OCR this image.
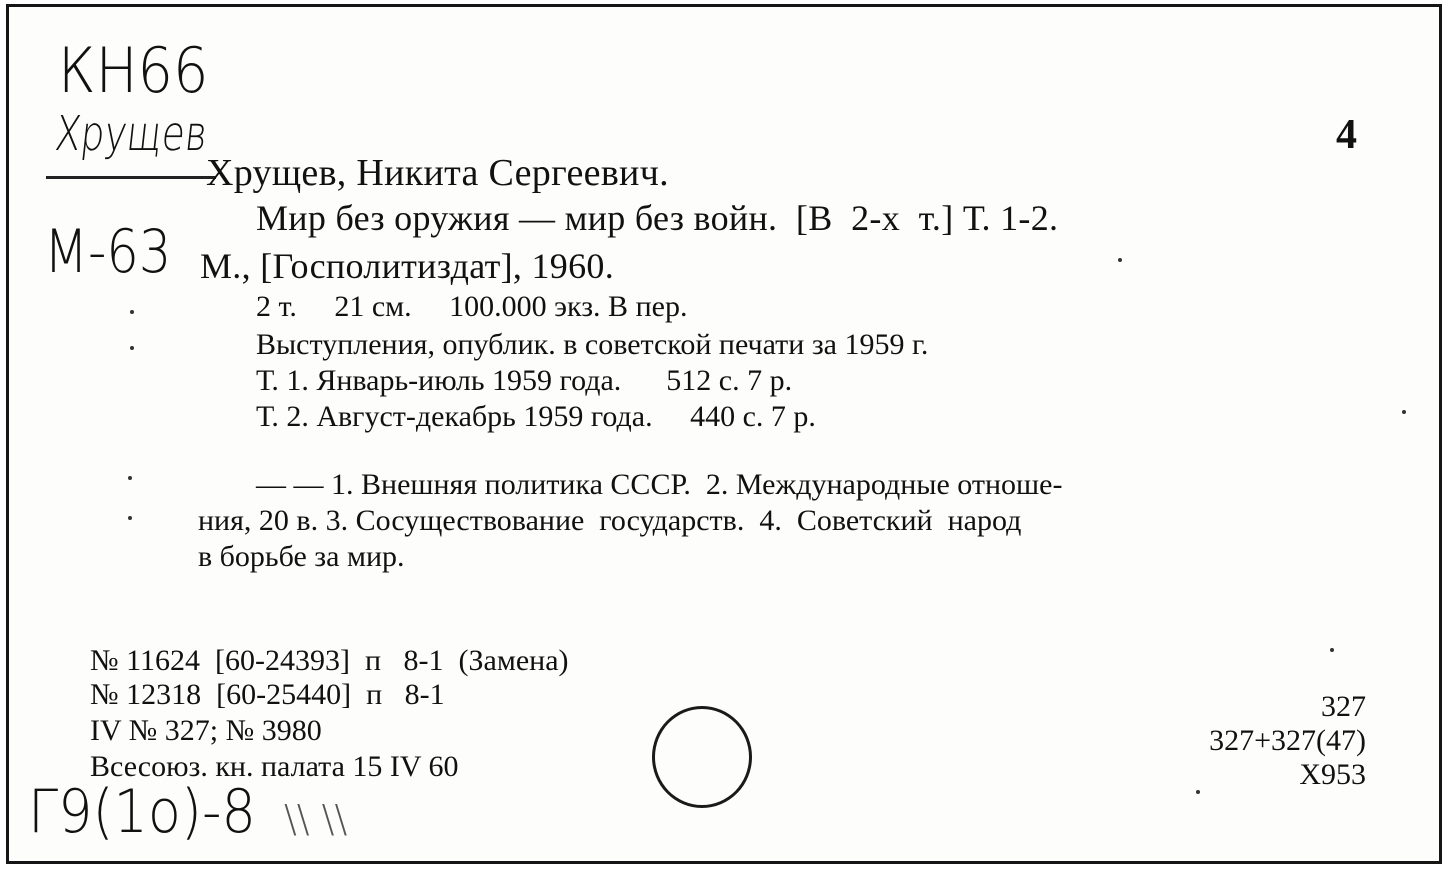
КН66
Хрущев
М-63
Г9(1о)-8 \\ \\
4
Хрущев, Никита Сергеевич.
Мир без оружия — мир без войн.  [В  2-х  т.] Т. 1-2.
М., [Госполитиздат], 1960.
2 т.     21 см.     100.000 экз. В пер.
Выступления, опублик. в советской печати за 1959 г.
Т. 1. Январь-июль 1959 года.      512 с. 7 р.
Т. 2. Август-декабрь 1959 года.     440 с. 7 р.
— — 1. Внешняя политика СССР.  2. Международные отноше-
ния, 20 в. 3. Сосуществование  государств.  4.  Советский  народ
в борьбе за мир.
№ 11624  [60-24393]  п   8-1  (Замена)
№ 12318  [60-25440]  п   8-1
IV № 327; № 3980
Всесоюз. кн. палата 15 IV 60
327
327+327(47)
Х953
